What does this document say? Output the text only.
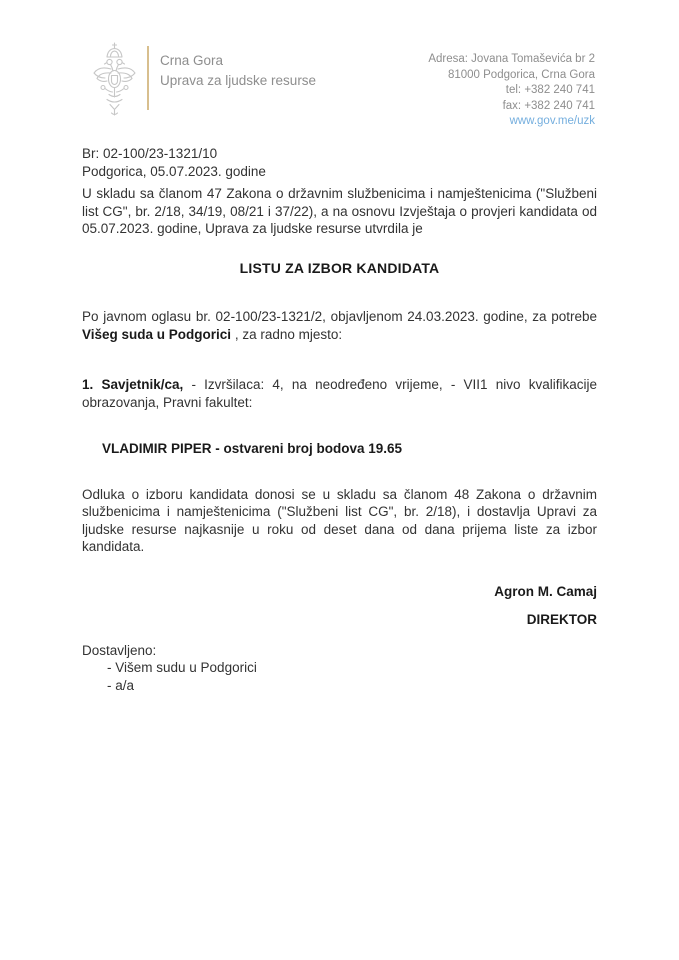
Crna Gora
Uprava za ljudske resurse
Adresa: Jovana Tomaševića br 2
81000 Podgorica, Crna Gora
tel: +382 240 741
fax: +382 240 741
www.gov.me/uzk
Br: 02-100/23-1321/10
Podgorica, 05.07.2023. godine

U skladu sa članom 47 Zakona o državnim službenicima i namještenicima ("Službeni list CG", br. 2/18, 34/19, 08/21 i 37/22), a na osnovu Izvještaja o provjeri kandidata od 05.07.2023. godine, Uprava za ljudske resurse utvrdila je

LISTU ZA IZBOR KANDIDATA

Po javnom oglasu br. 02-100/23-1321/2, objavljenom 24.03.2023. godine, za potrebe Višeg suda u Podgorici , za radno mjesto:

1. Savjetnik/ca, - Izvršilaca: 4, na neodređeno vrijeme, - VII1 nivo kvalifikacije obrazovanja, Pravni fakultet:

VLADIMIR PIPER - ostvareni broj bodova 19.65

Odluka o izboru kandidata donosi se u skladu sa članom 48 Zakona o državnim službenicima i namještenicima ("Službeni list CG", br. 2/18), i dostavlja Upravi za ljudske resurse najkasnije u roku od deset dana od dana prijema liste za izbor kandidata.

Agron M. Camaj
DIREKTOR
Dostavljeno:
- Višem sudu u Podgorici
- a/a
